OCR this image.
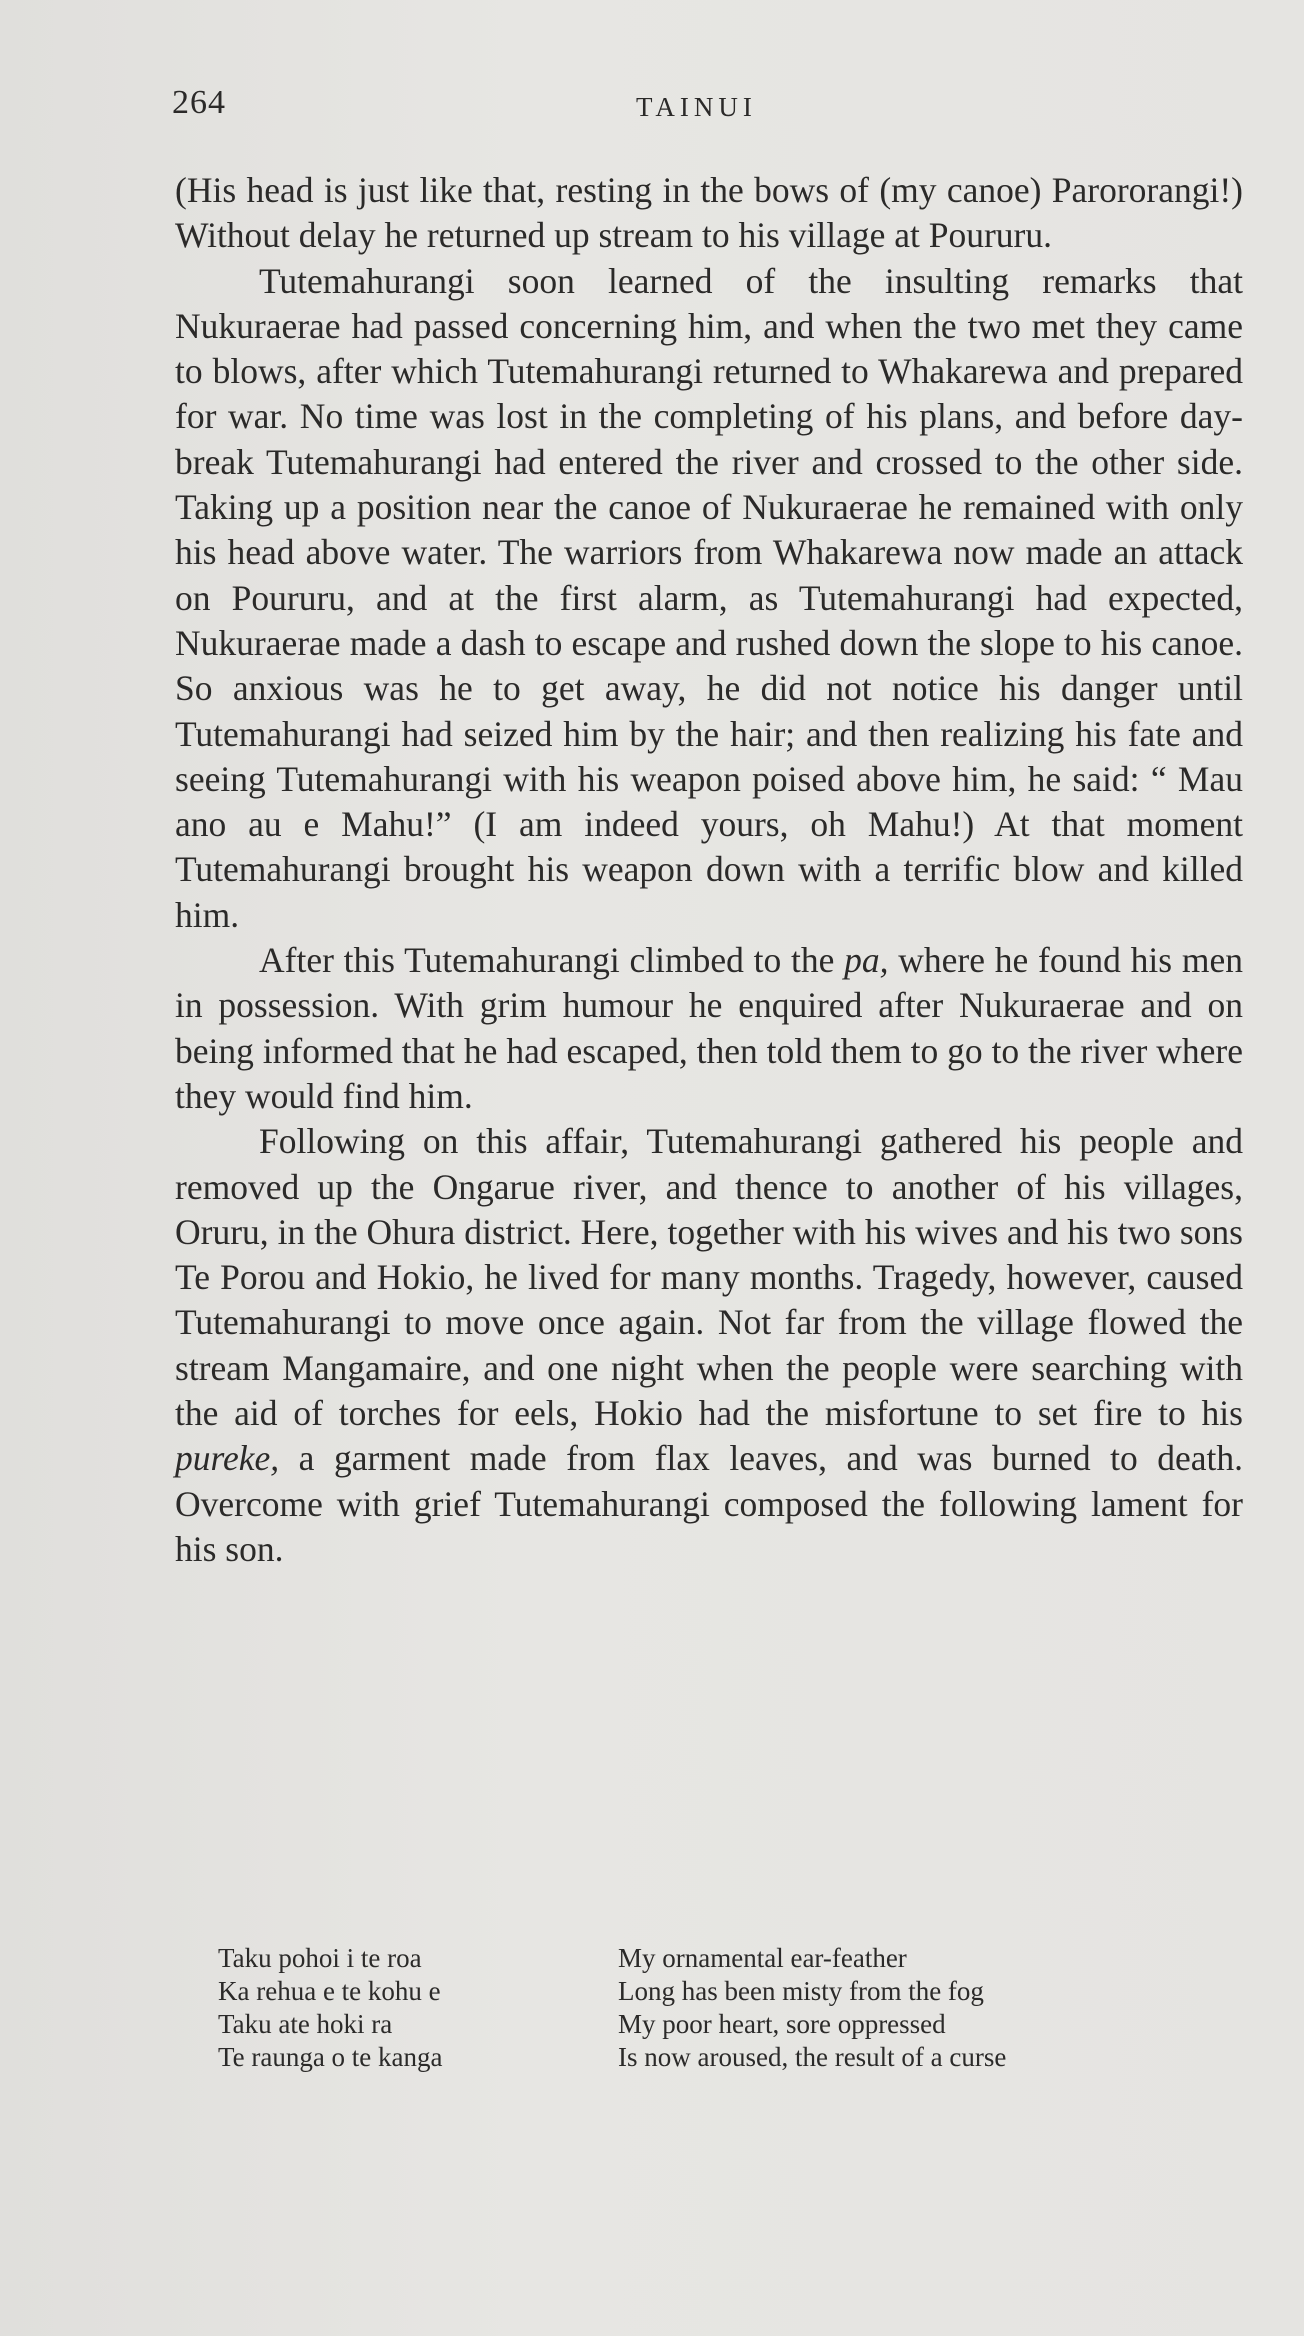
264	TAINUI

(His head is just like that, resting in the bows of (my canoe) Parororangi!) Without delay he returned up stream to his village at Poururu.

Tutemahurangi soon learned of the insulting remarks that Nukuraerae had passed concerning him, and when the two met they came to blows, after which Tutemahurangi returned to Whakarewa and prepared for war. No time was lost in the completing of his plans, and before day-break Tutemahurangi had entered the river and crossed to the other side. Taking up a position near the canoe of Nukuraerae he remained with only his head above water. The warriors from Whakarewa now made an attack on Poururu, and at the first alarm, as Tutemahurangi had expected, Nukuraerae made a dash to escape and rushed down the slope to his canoe. So anxious was he to get away, he did not notice his danger until Tutemahurangi had seized him by the hair; and then realizing his fate and seeing Tutemahurangi with his weapon poised above him, he said: “ Mau ano au e Mahu!” (I am indeed yours, oh Mahu!) At that moment Tutemahurangi brought his weapon down with a terrific blow and killed him.

After this Tutemahurangi climbed to the pa, where he found his men in possession. With grim humour he enquired after Nukuraerae and on being informed that he had escaped, then told them to go to the river where they would find him.

Following on this affair, Tutemahurangi gathered his people and removed up the Ongarue river, and thence to another of his villages, Oruru, in the Ohura district. Here, together with his wives and his two sons Te Porou and Hokio, he lived for many months. Tragedy, however, caused Tutemahurangi to move once again. Not far from the village flowed the stream Mangamaire, and one night when the people were searching with the aid of torches for eels, Hokio had the misfortune to set fire to his pureke, a garment made from flax leaves, and was burned to death. Overcome with grief Tutemahurangi composed the following lament for his son.

Taku pohoi i te roa	My ornamental ear-feather
Ka rehua e te kohu e	Long has been misty from the fog
Taku ate hoki ra	My poor heart, sore oppressed
Te raunga o te kanga	Is now aroused, the result of a curse
